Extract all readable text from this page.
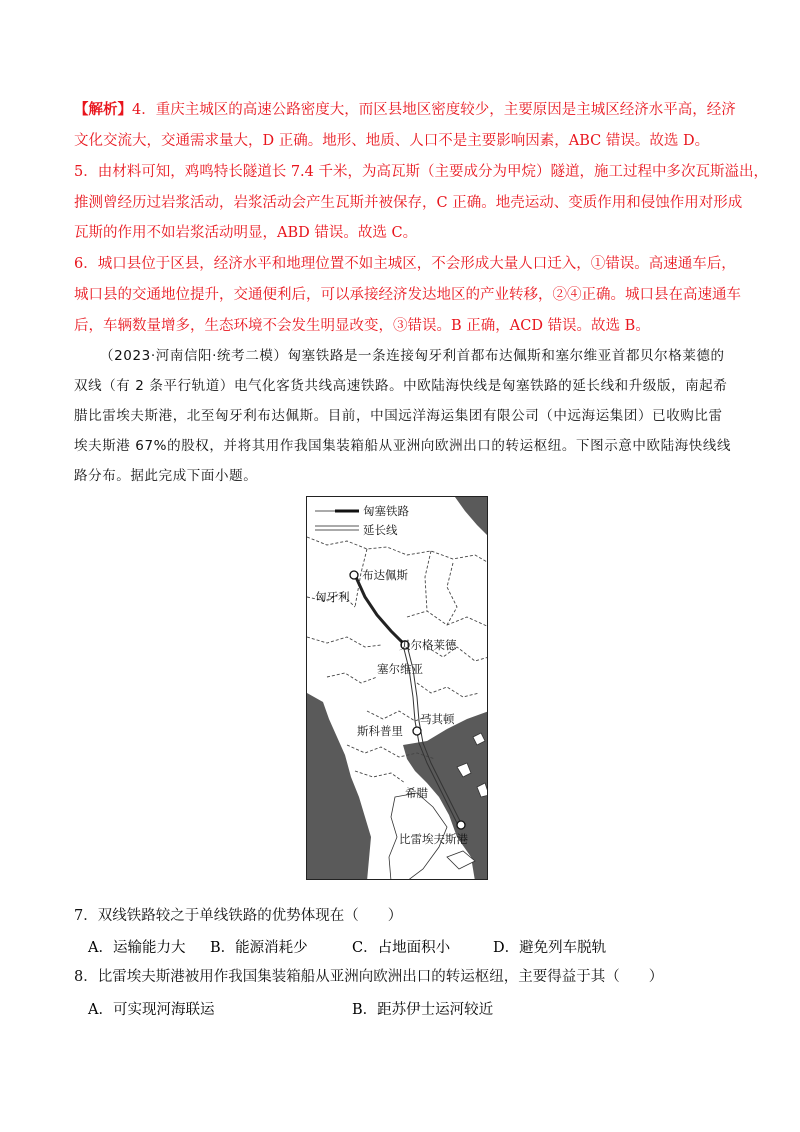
【解析】4．重庆主城区的高速公路密度大，而区县地区密度较少，主要原因是主城区经济水平高，经济
文化交流大，交通需求量大，D 正确。地形、地质、人口不是主要影响因素，ABC 错误。故选 D。
5．由材料可知，鸡鸣特长隧道长 7.4 千米，为高瓦斯（主要成分为甲烷）隧道，施工过程中多次瓦斯溢出，
推测曾经历过岩浆活动，岩浆活动会产生瓦斯并被保存，C 正确。地壳运动、变质作用和侵蚀作用对形成
瓦斯的作用不如岩浆活动明显，ABD 错误。故选 C。
6．城口县位于区县，经济水平和地理位置不如主城区，不会形成大量人口迁入，①错误。高速通车后，
城口县的交通地位提升，交通便利后，可以承接经济发达地区的产业转移，②④正确。城口县在高速通车
后，车辆数量增多，生态环境不会发生明显改变，③错误。B 正确，ACD 错误。故选 B。
（2023·河南信阳·统考二模）匈塞铁路是一条连接匈牙利首都布达佩斯和塞尔维亚首都贝尔格莱德的
双线（有 2 条平行轨道）电气化客货共线高速铁路。中欧陆海快线是匈塞铁路的延长线和升级版，南起希
腊比雷埃夫斯港，北至匈牙利布达佩斯。目前，中国远洋海运集团有限公司（中远海运集团）已收购比雷
埃夫斯港 67%的股权，并将其用作我国集装箱船从亚洲向欧洲出口的转运枢纽。下图示意中欧陆海快线线
路分布。据此完成下面小题。
匈塞铁路
延长线
布达佩斯
匈牙利
贝尔格莱德
塞尔维亚
斯科普里
马其顿
希腊
比雷埃夫斯港
7．双线铁路较之于单线铁路的优势体现在（　　）
A．运输能力大 B．能源消耗少	C．占地面积小	D．避免列车脱轨
8．比雷埃夫斯港被用作我国集装箱船从亚洲向欧洲出口的转运枢纽，主要得益于其（　　）
A．可实现河海联运	B．距苏伊士运河较近
